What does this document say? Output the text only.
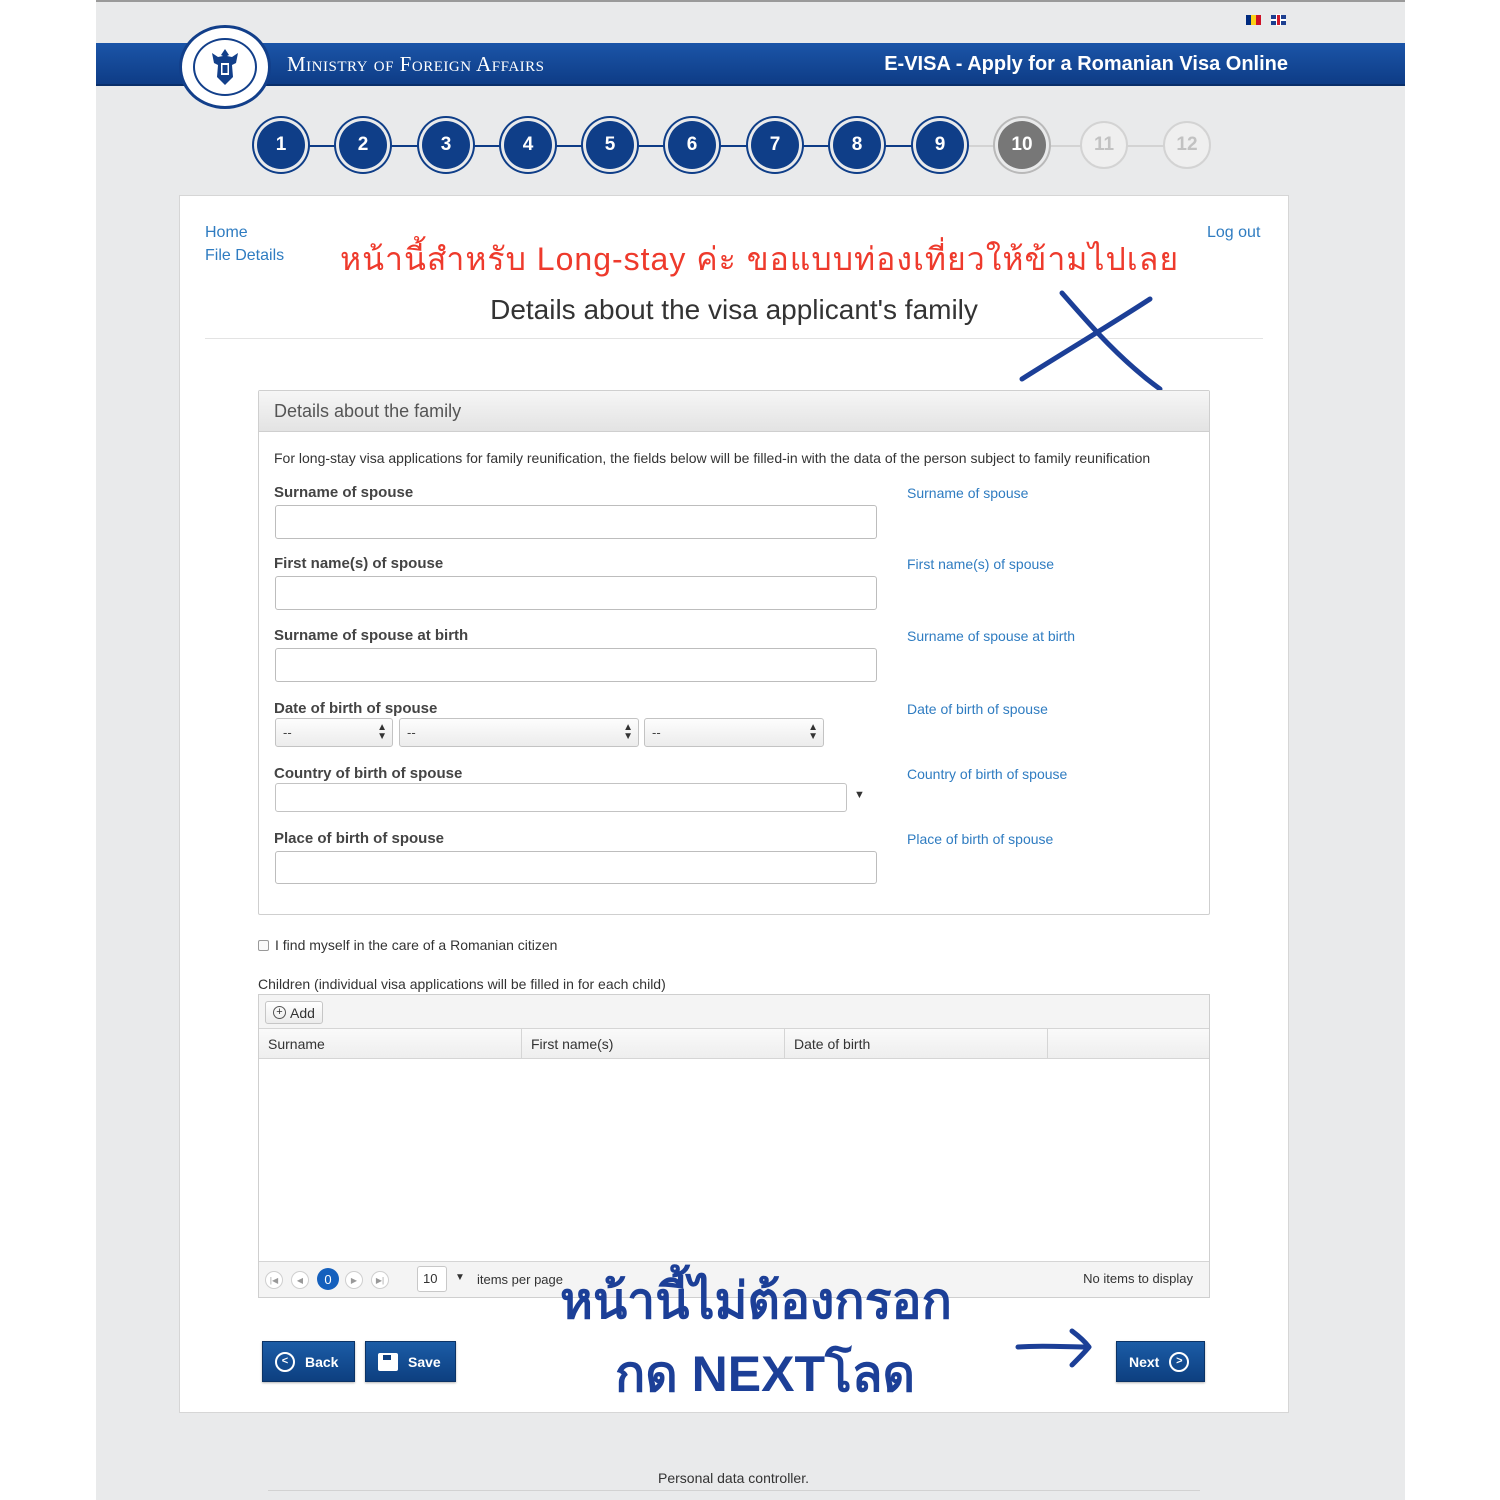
Ministry of Foreign Affairs	E-VISA - Apply for a Romanian Visa Online
1	2	3	4	5	6	7	8	9	10	11	12
Home
File Details
Log out
หน้านี้สำหรับ Long-stay ค่ะ ขอแบบท่องเที่ยวให้ข้ามไปเลย
Details about the visa applicant's family
Details about the family
For long-stay visa applications for family reunification, the fields below will be filled-in with the data of the person subject to family reunification
Surname of spouse	Surname of spouse
First name(s) of spouse	First name(s) of spouse
Surname of spouse at birth	Surname of spouse at birth
Date of birth of spouse	Date of birth of spouse
--	▲
▼	--	▲
▼	--	▲
▼
Country of birth of spouse	Country of birth of spouse
▼
Place of birth of spouse	Place of birth of spouse
I find myself in the care of a Romanian citizen
Children (individual visa applications will be filled in for each child)
+ Add
Surname	First name(s)	Date of birth
|◀	◀	0	▶	▶|	10	▼ items per page	No items to display
<	Back	Save	Next	>
หน้านี้ไม่ต้องกรอก
กด NEXTโลด
Personal data controller.
